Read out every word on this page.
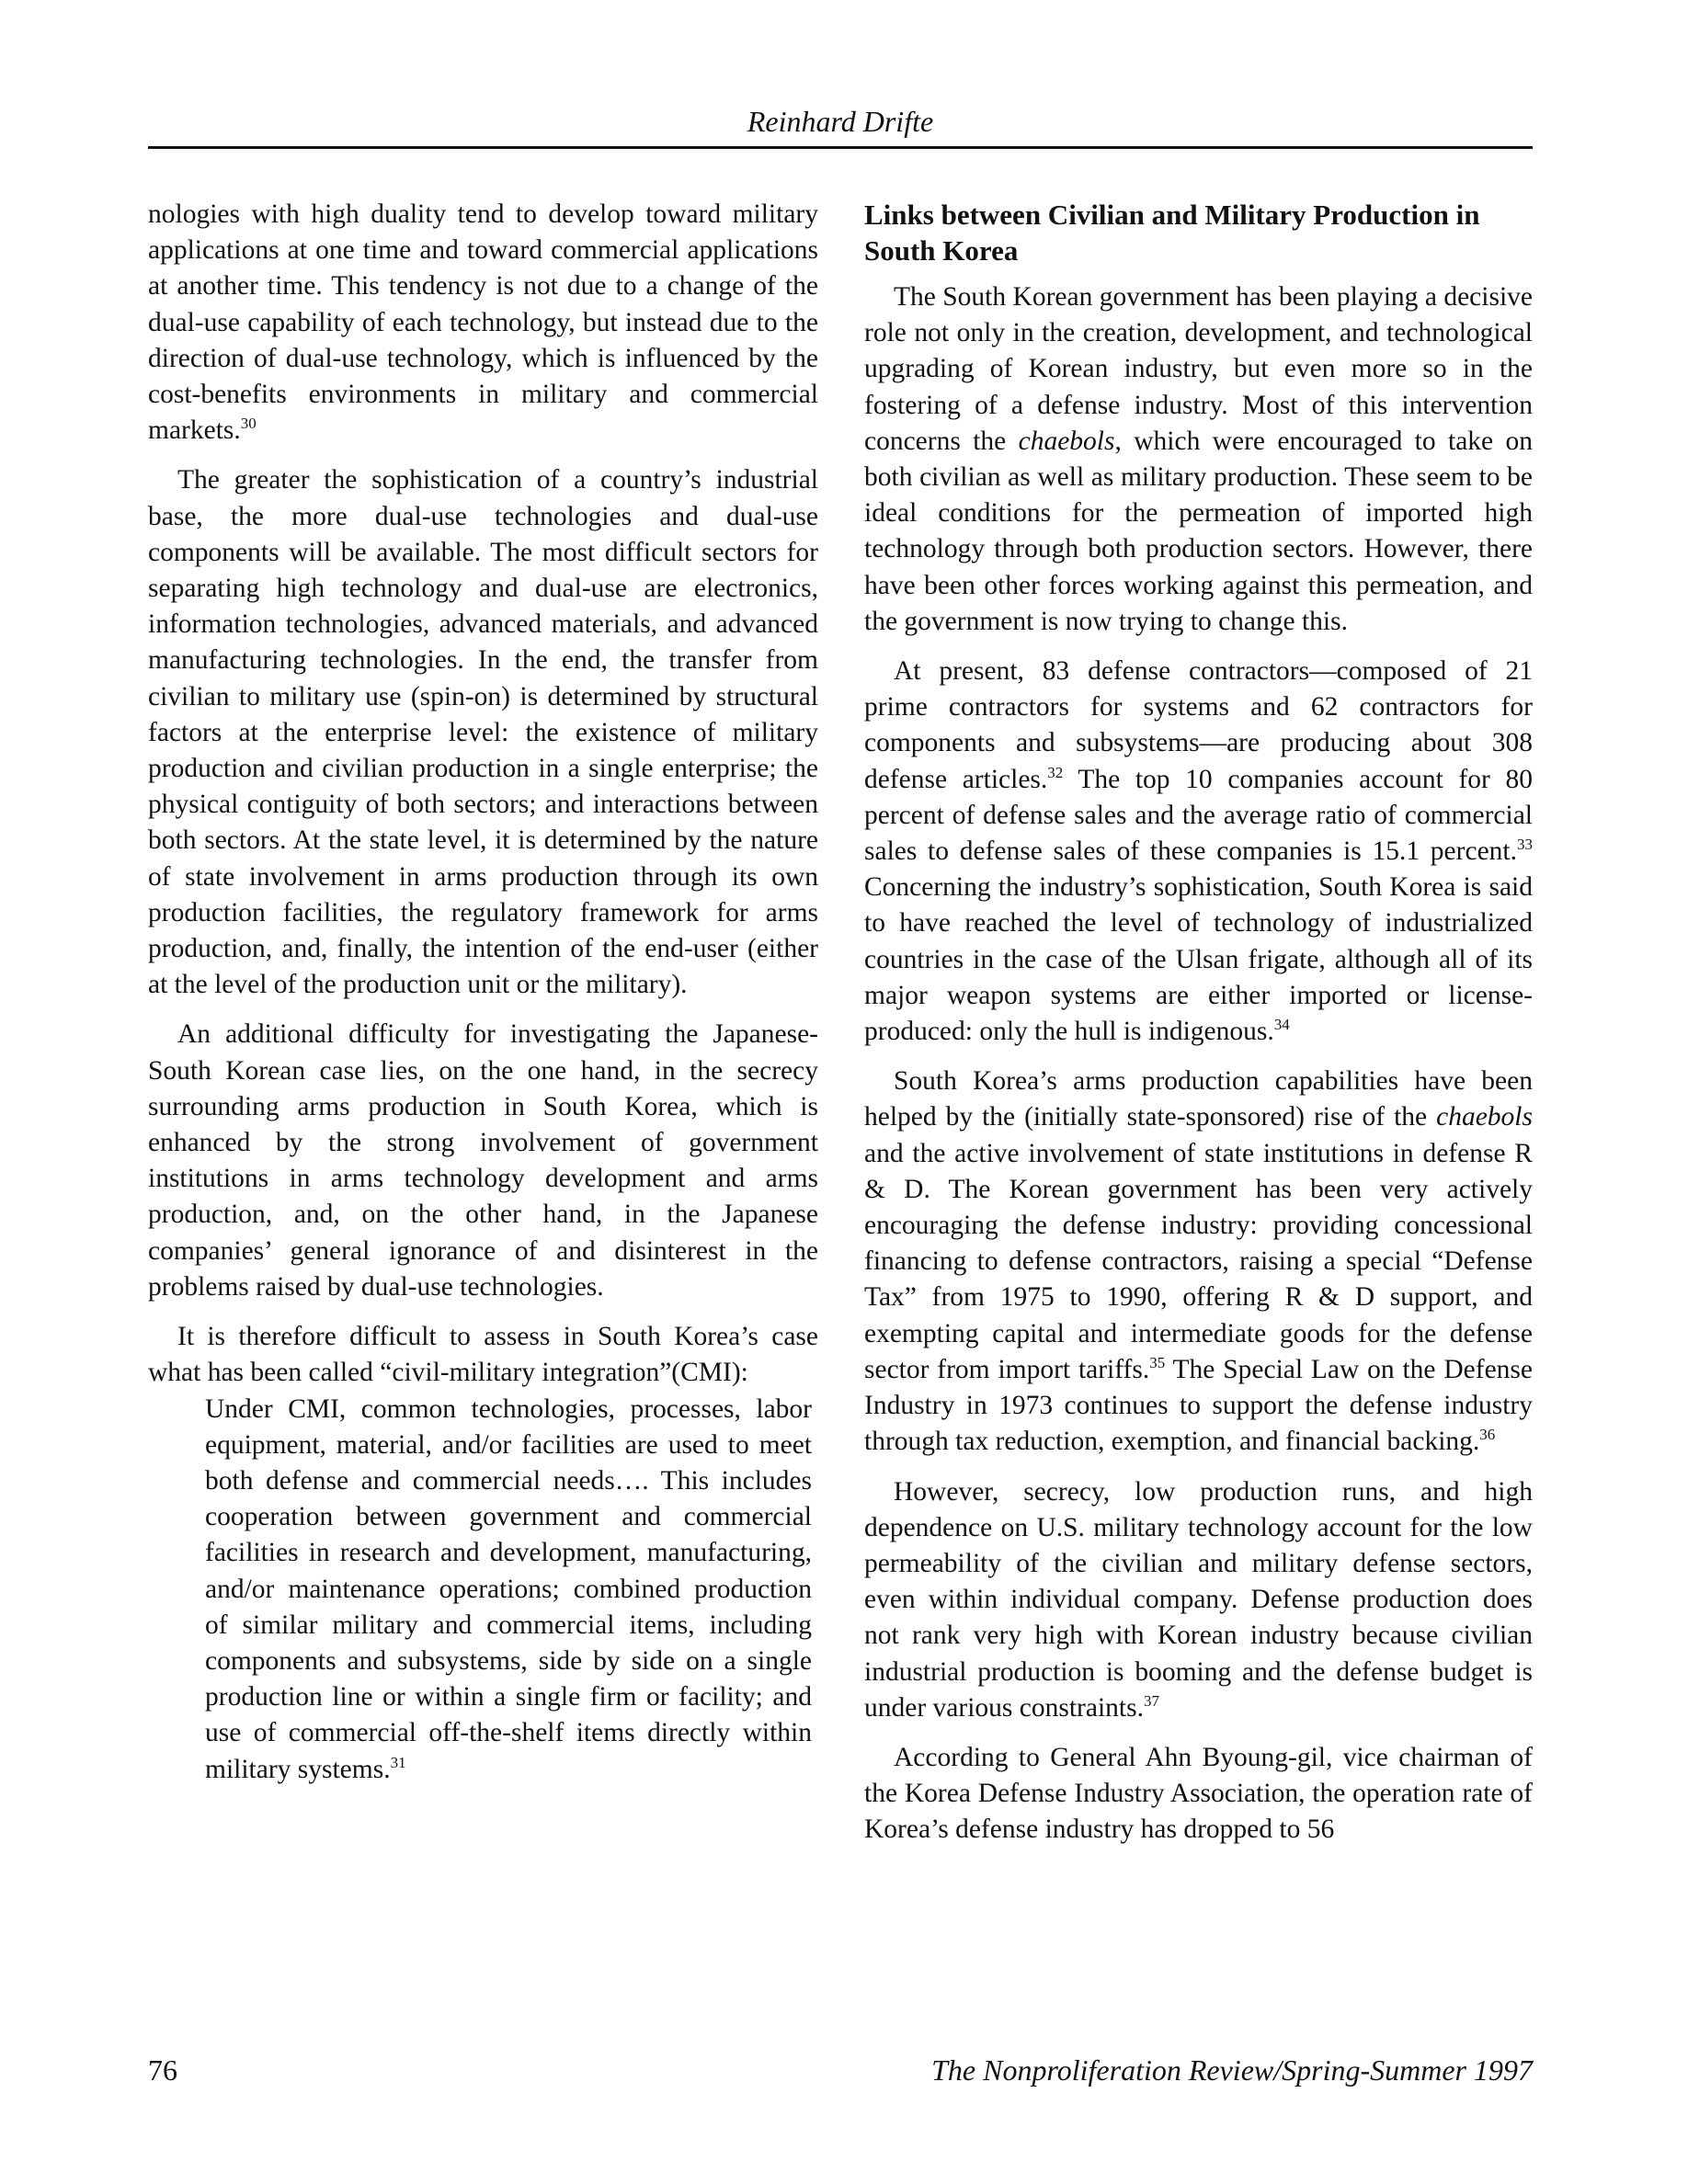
Reinhard Drifte

nologies with high duality tend to develop toward military applications at one time and toward commercial applications at another time. This tendency is not due to a change of the dual-use capability of each technology, but instead due to the direction of dual-use technology, which is influenced by the cost-benefits environments in military and commercial markets.$^{30}$

The greater the sophistication of a country’s industrial base, the more dual-use technologies and dual-use components will be available. The most difficult sectors for separating high technology and dual-use are electronics, information technologies, advanced materials, and advanced manufacturing technologies. In the end, the transfer from civilian to military use (spin-on) is determined by structural factors at the enterprise level: the existence of military production and civilian production in a single enterprise; the physical contiguity of both sectors; and interactions between both sectors. At the state level, it is determined by the nature of state involvement in arms production through its own production facilities, the regulatory framework for arms production, and, finally, the intention of the end-user (either at the level of the production unit or the military).

An additional difficulty for investigating the Japanese-South Korean case lies, on the one hand, in the secrecy surrounding arms production in South Korea, which is enhanced by the strong involvement of government institutions in arms technology development and arms production, and, on the other hand, in the Japanese companies’ general ignorance of and disinterest in the problems raised by dual-use technologies.

It is therefore difficult to assess in South Korea’s case what has been called “civil-military integration”(CMI):

Under CMI, common technologies, processes, labor equipment, material, and/or facilities are used to meet both defense and commercial needs…. This includes cooperation between government and commercial facilities in research and development, manufacturing, and/or maintenance operations; combined production of similar military and commercial items, including components and subsystems, side by side on a single production line or within a single firm or facility; and use of commercial off-the-shelf items directly within military systems.$^{31}$
Links between Civilian and Military Production in South Korea

The South Korean government has been playing a decisive role not only in the creation, development, and technological upgrading of Korean industry, but even more so in the fostering of a defense industry. Most of this intervention concerns the chaebols, which were encouraged to take on both civilian as well as military production. These seem to be ideal conditions for the permeation of imported high technology through both production sectors. However, there have been other forces working against this permeation, and the government is now trying to change this.

At present, 83 defense contractors—composed of 21 prime contractors for systems and 62 contractors for components and subsystems—are producing about 308 defense articles.$^{32}$ The top 10 companies account for 80 percent of defense sales and the average ratio of commercial sales to defense sales of these companies is 15.1 percent.$^{33}$ Concerning the industry’s sophistication, South Korea is said to have reached the level of technology of industrialized countries in the case of the Ulsan frigate, although all of its major weapon systems are either imported or license-produced: only the hull is indigenous.$^{34}$

South Korea’s arms production capabilities have been helped by the (initially state-sponsored) rise of the chaebols and the active involvement of state institutions in defense R & D. The Korean government has been very actively encouraging the defense industry: providing concessional financing to defense contractors, raising a special “Defense Tax” from 1975 to 1990, offering R & D support, and exempting capital and intermediate goods for the defense sector from import tariffs.$^{35}$ The Special Law on the Defense Industry in 1973 continues to support the defense industry through tax reduction, exemption, and financial backing.$^{36}$

However, secrecy, low production runs, and high dependence on U.S. military technology account for the low permeability of the civilian and military defense sectors, even within individual company. Defense production does not rank very high with Korean industry because civilian industrial production is booming and the defense budget is under various constraints.$^{37}$

According to General Ahn Byoung-gil, vice chairman of the Korea Defense Industry Association, the operation rate of Korea’s defense industry has dropped to 56

76	The Nonproliferation Review/Spring-Summer 1997
